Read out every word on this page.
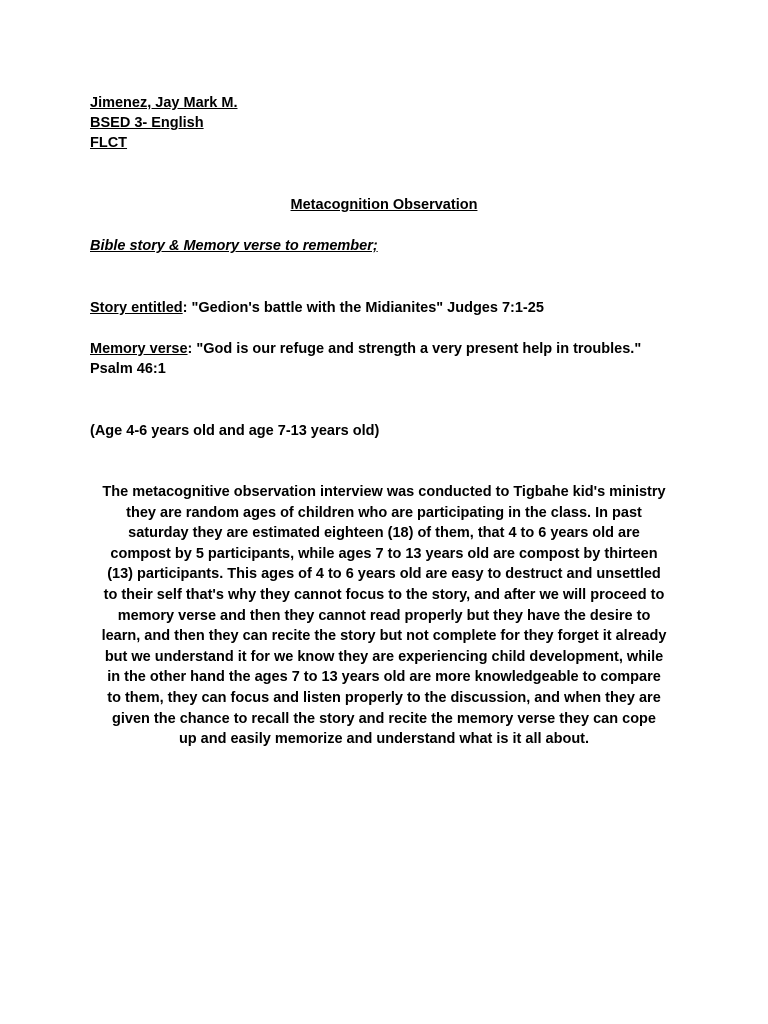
Jimenez, Jay Mark M.
BSED 3- English
FLCT
Metacognition Observation
Bible story & Memory verse to remember;
Story entitled: "Gedion's battle with the Midianites" Judges 7:1-25
Memory verse: "God is our refuge and strength a very present help in troubles."
Psalm 46:1
(Age 4-6 years old and age 7-13 years old)
The metacognitive observation interview was conducted to Tigbahe kid's ministry
they are random ages of children who are participating in the class. In past
saturday they are estimated eighteen (18) of them, that 4 to 6 years old are
compost by 5 participants, while ages 7 to 13 years old are compost by thirteen
(13) participants. This ages of 4 to 6 years old are easy to destruct and unsettled
to their self that's why they cannot focus to the story, and after we will proceed to
memory verse and then they cannot read properly but they have the desire to
learn, and then they can recite the story but not complete for they forget it already
but we understand it for we know they are experiencing child development, while
in the other hand the ages 7 to 13 years old are more knowledgeable to compare
to them, they can focus and listen properly to the discussion, and when they are
given the chance to recall the story and recite the memory verse they can cope
up and easily memorize and understand what is it all about.
